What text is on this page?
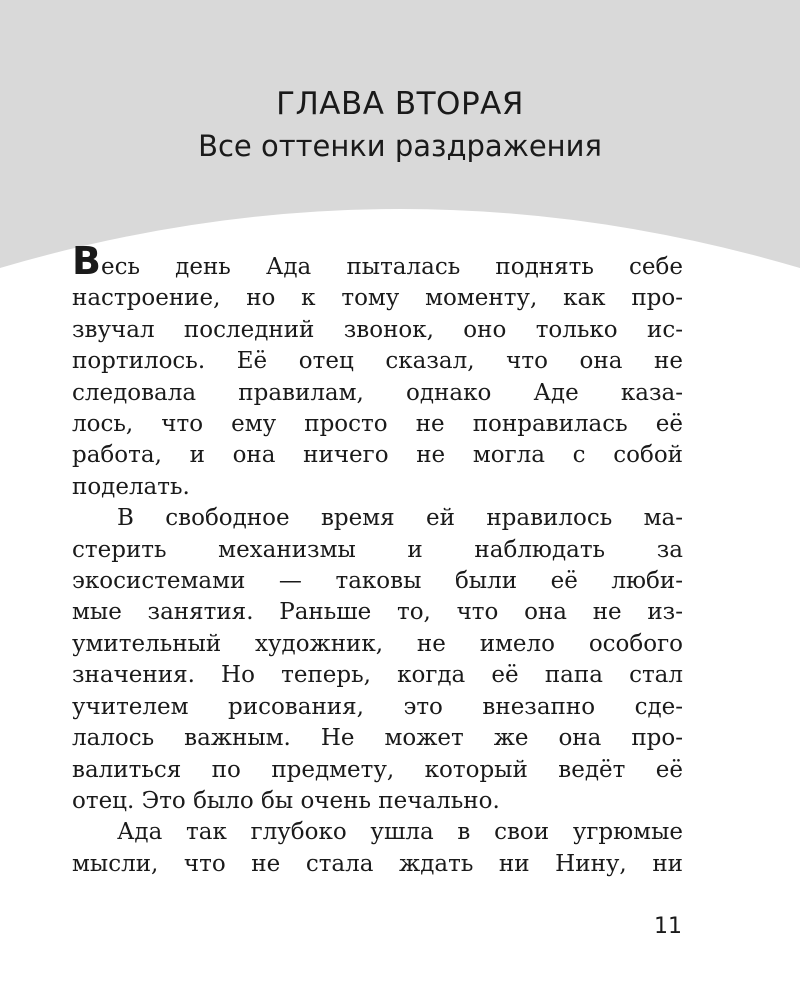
ГЛАВА ВТОРАЯ
Все оттенки раздражения
Весь день Ада пыталась поднять себе
настроение, но к тому моменту, как про-
звучал последний звонок, оно только ис-
портилось. Её отец сказал, что она не
следовала правилам, однако Аде каза-
лось, что ему просто не понравилась её
работа, и она ничего не могла с собой
поделать.
В свободное время ей нравилось ма-
стерить механизмы и наблюдать за
экосистемами — таковы были её люби-
мые занятия. Раньше то, что она не из-
умительный художник, не имело особого
значения. Но теперь, когда её папа стал
учителем рисования, это внезапно сде-
лалось важным. Не может же она про-
валиться по предмету, который ведёт её
отец. Это было бы очень печально.
Ада так глубоко ушла в свои угрюмые
мысли, что не стала ждать ни Нину, ни
11
